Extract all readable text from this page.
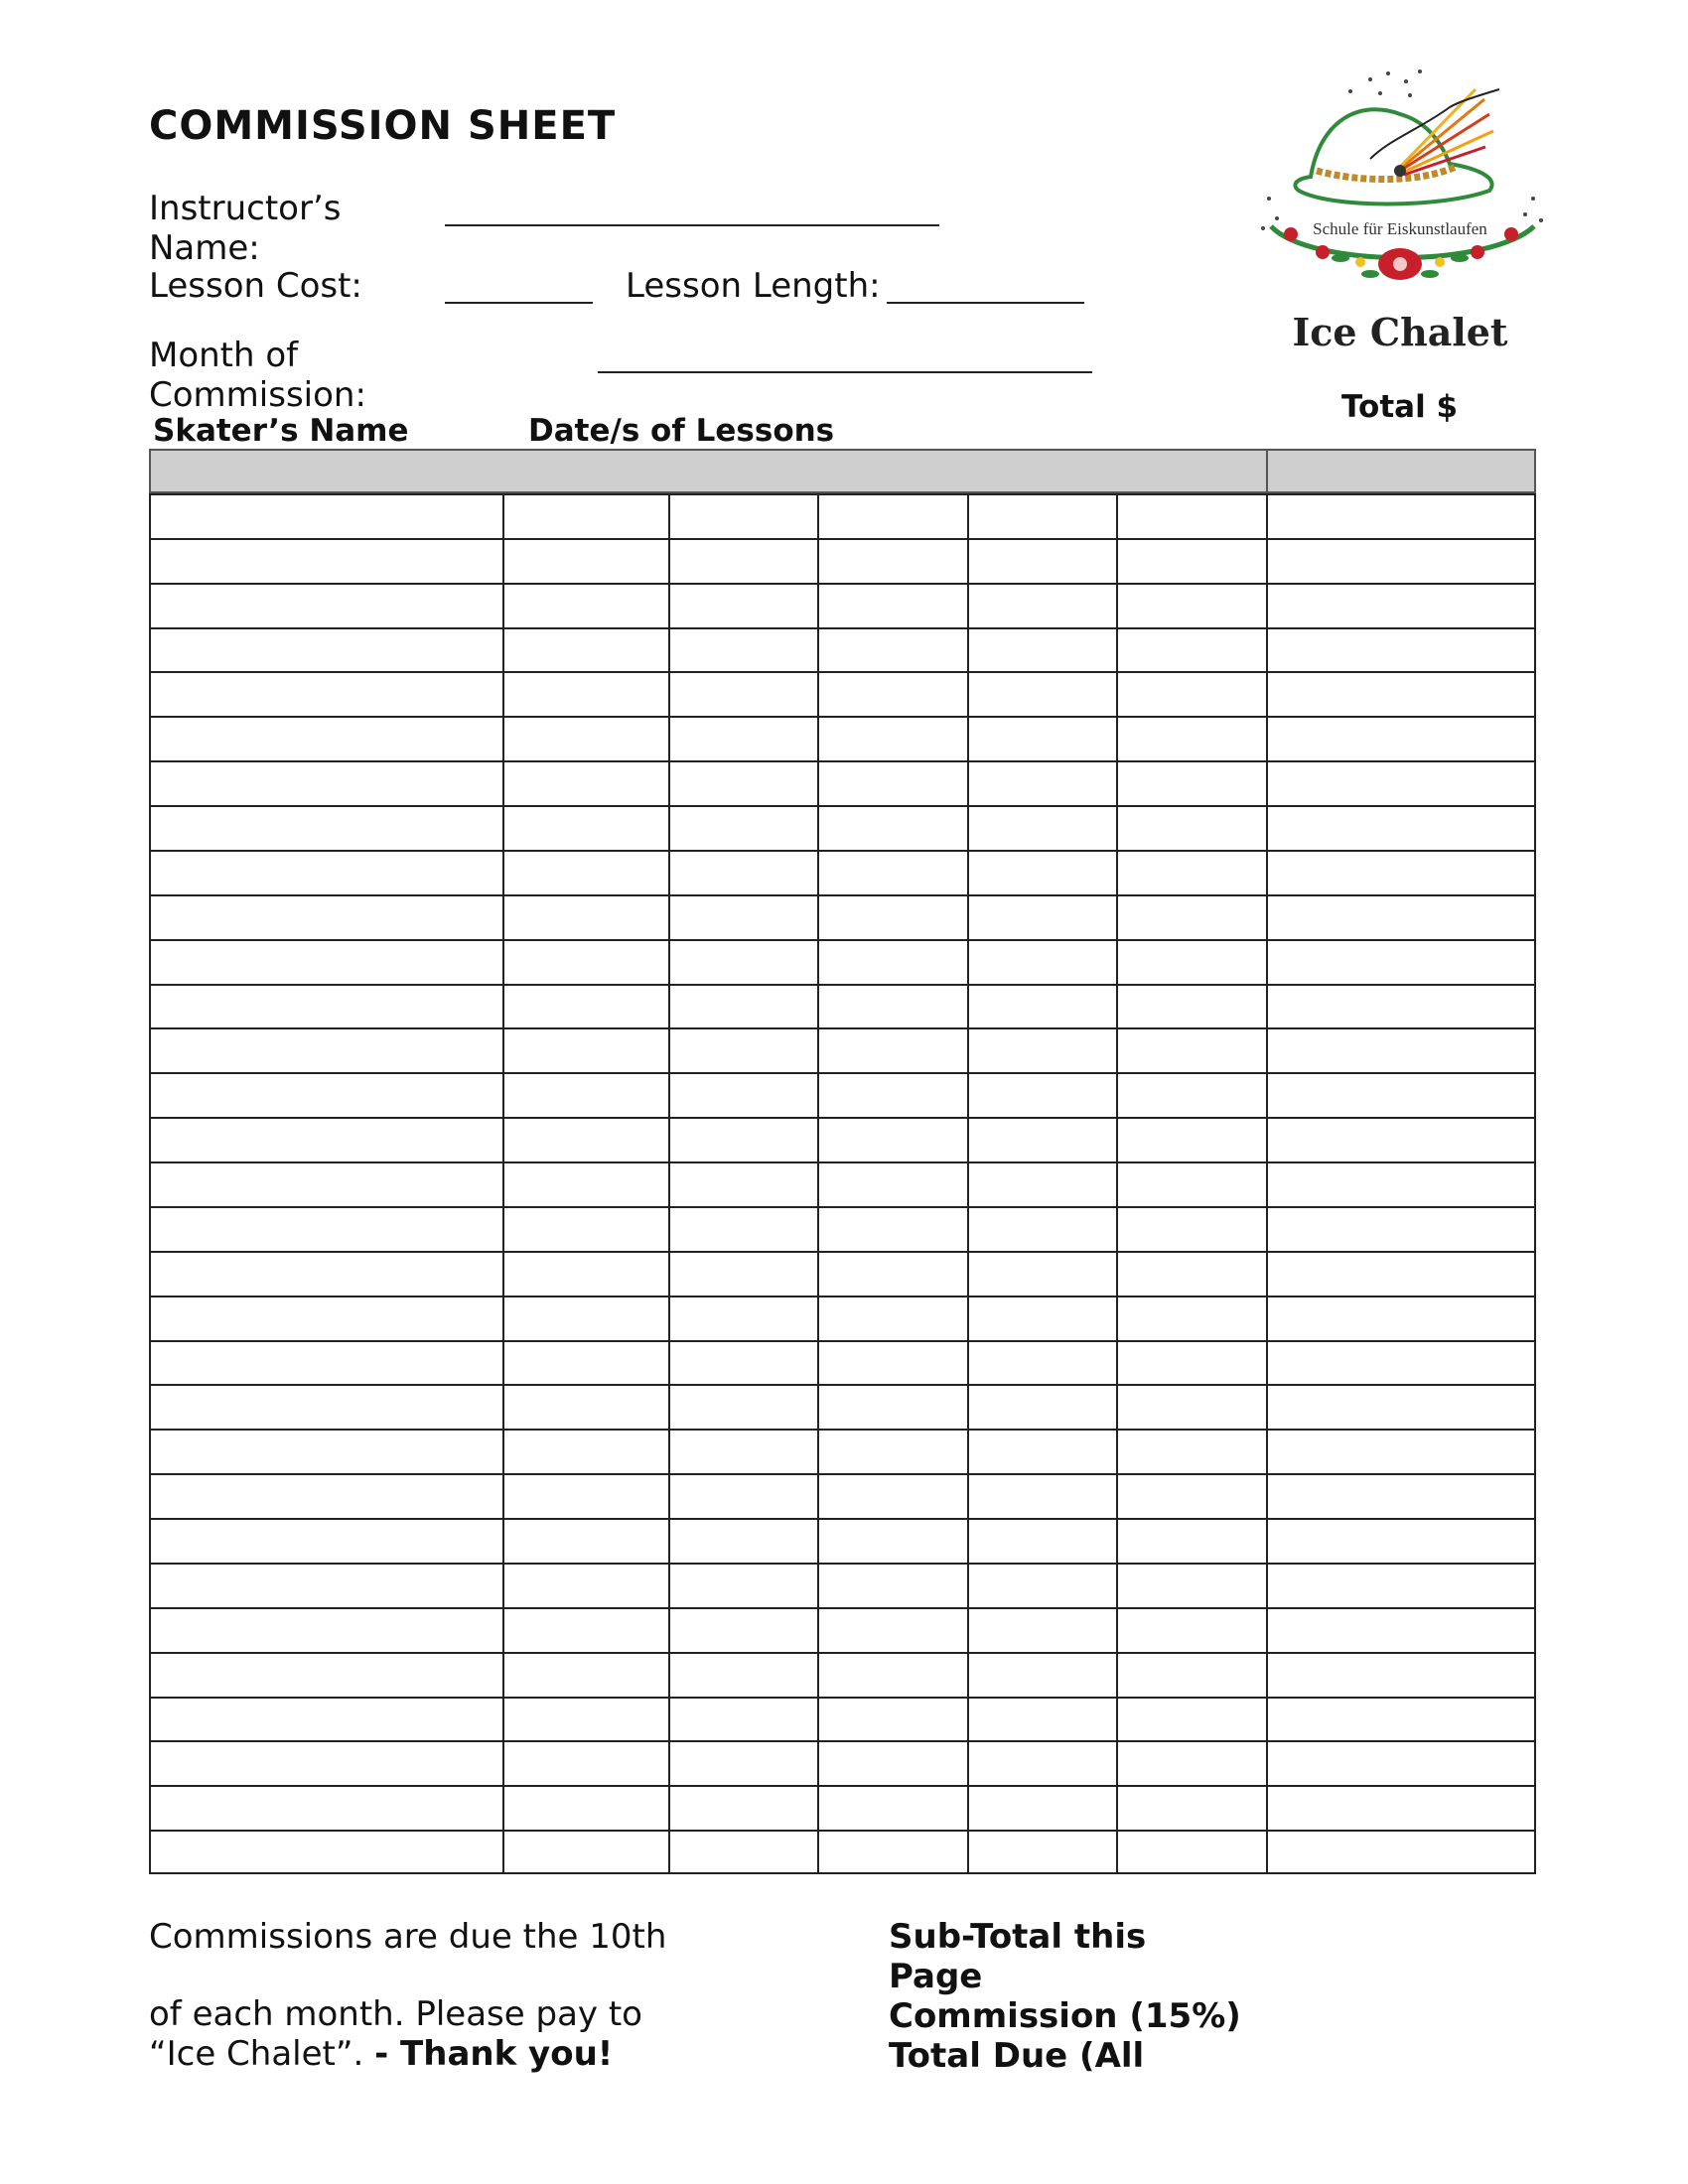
COMMISSION SHEET
Instructor’s
Name:
Lesson Cost:	Lesson Length:
Month of
Commission:
Schule für Eiskunstlaufen
Ice Chalet
Skater’s Name	Date/s of Lessons
Total $
Commissions are due the 10th
of each month. Please pay to
“Ice Chalet”. - Thank you!
Sub-Total this
Page
Commission (15%)
Total Due (All
